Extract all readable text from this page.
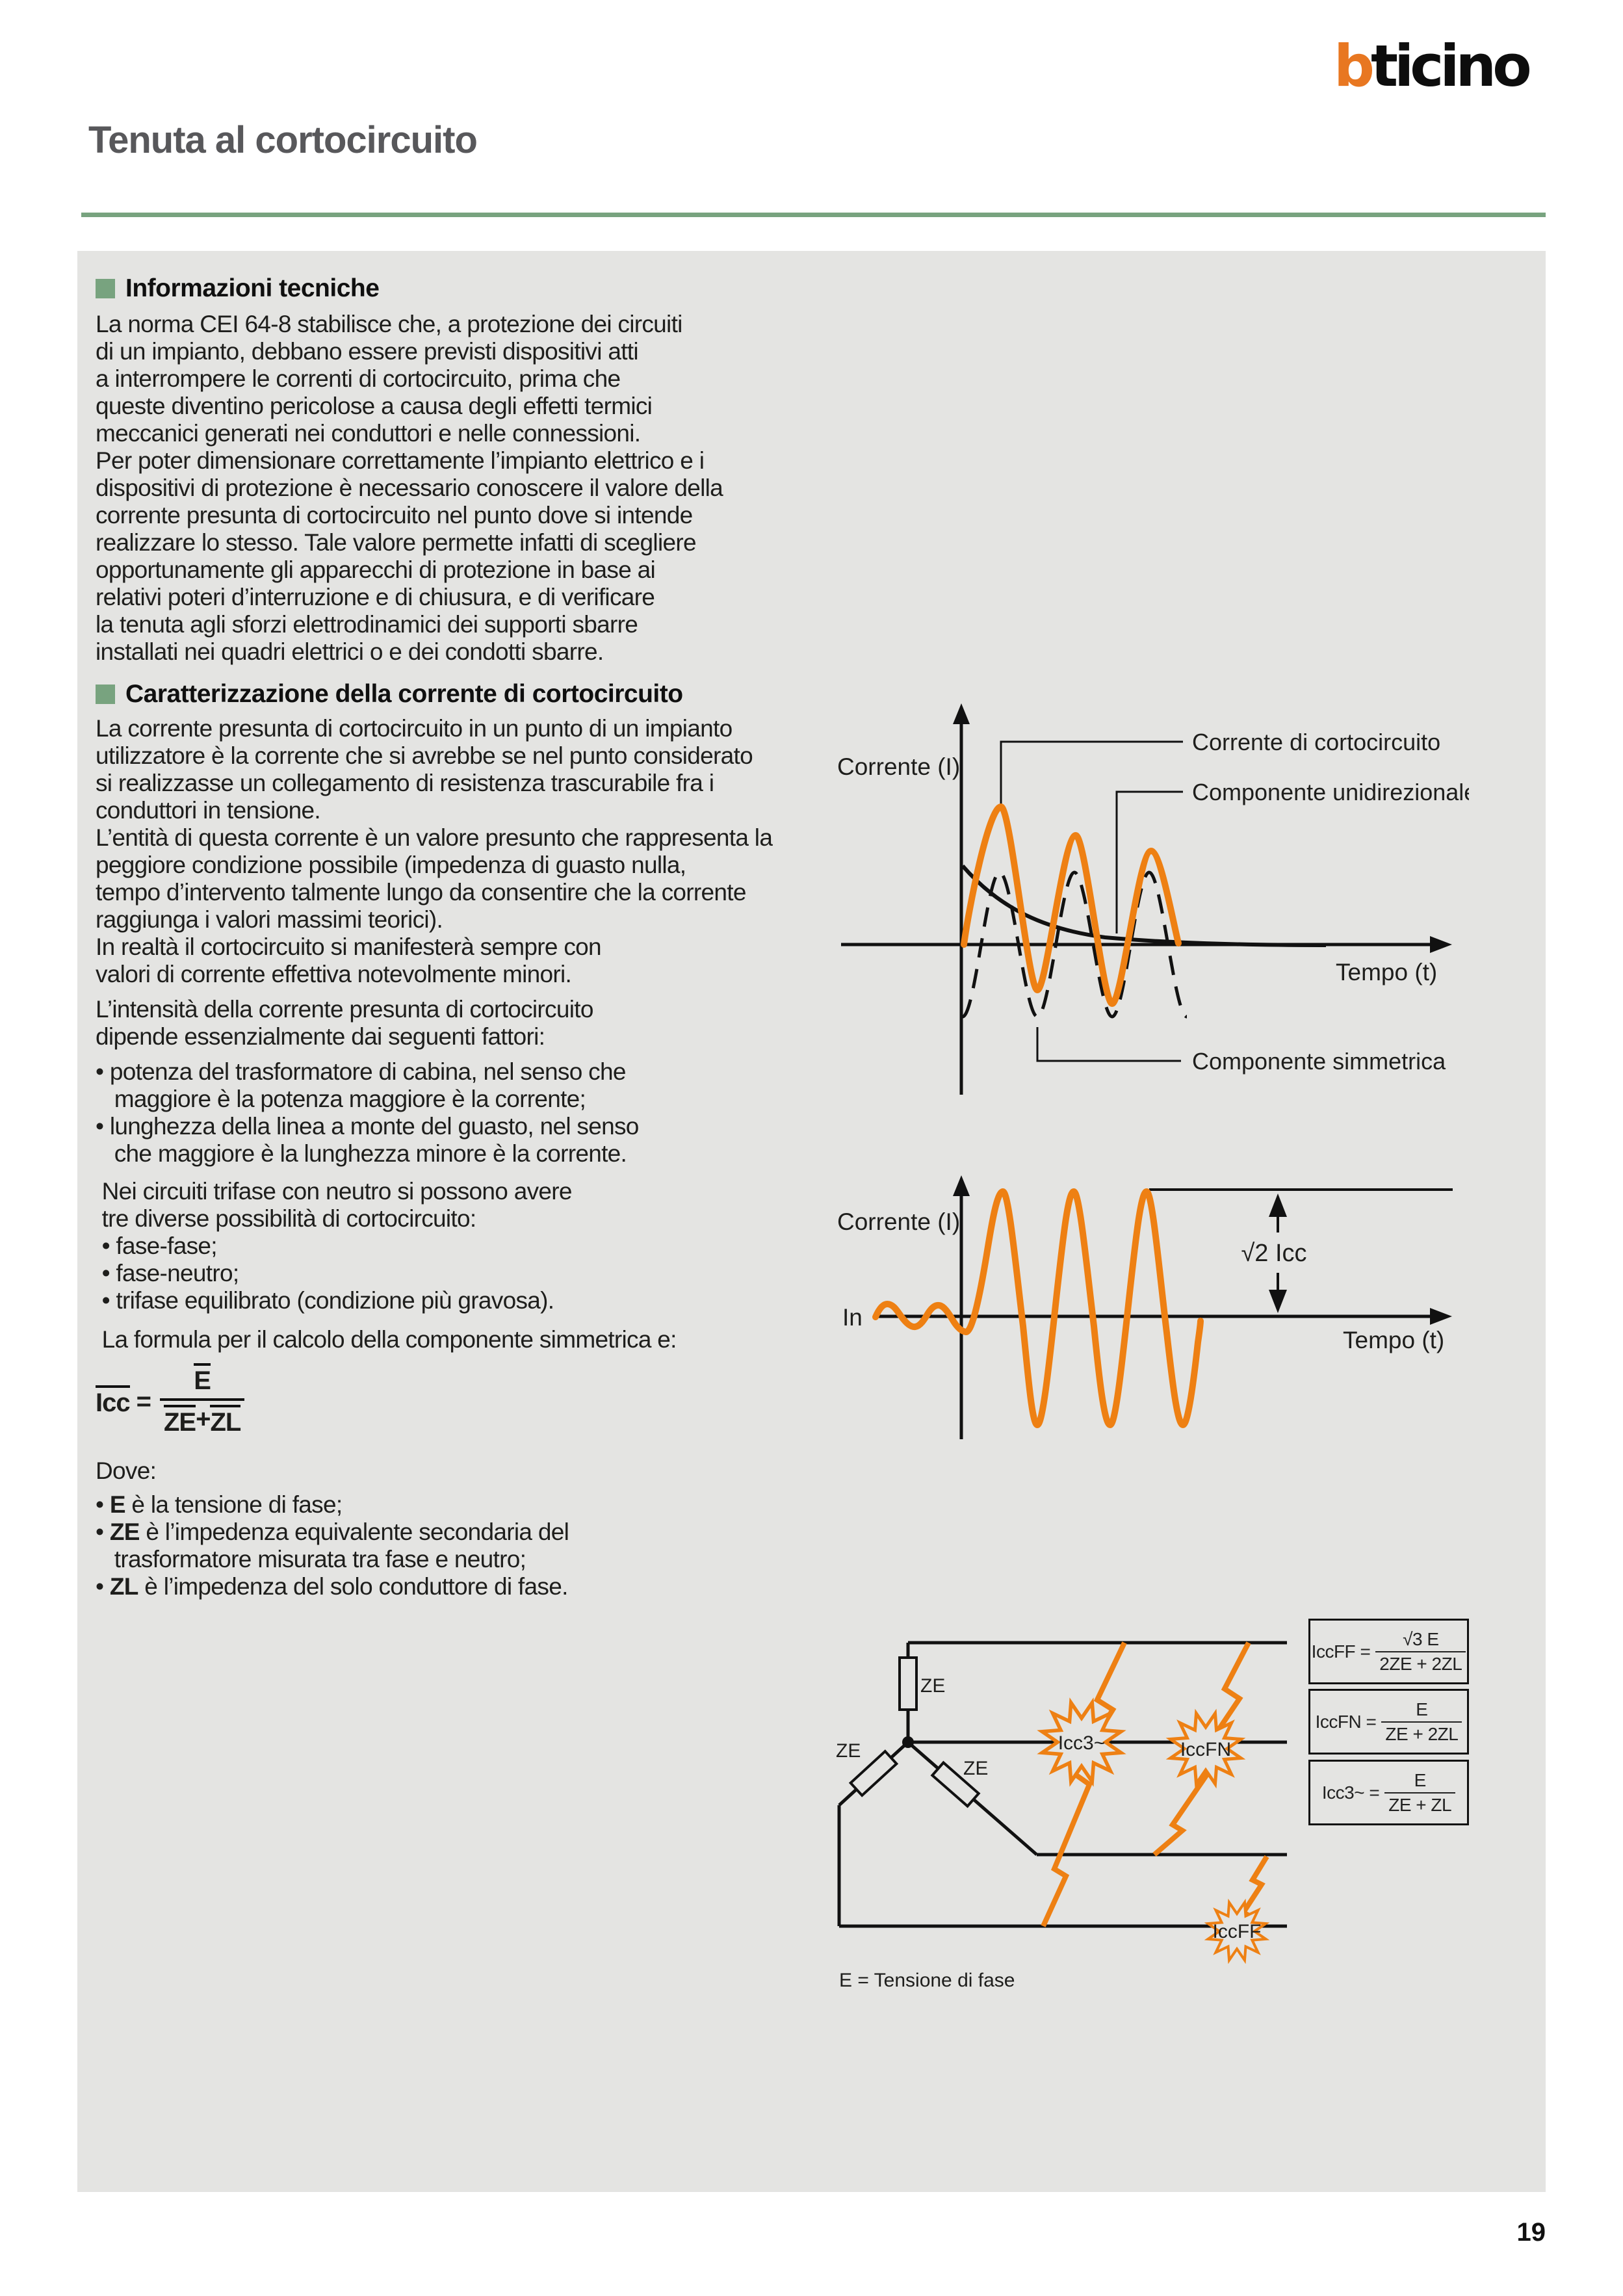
bticino
Tenuta al cortocircuito
Informazioni tecniche
La norma CEI 64-8 stabilisce che, a protezione dei circuiti
di un impianto, debbano essere previsti dispositivi atti
a interrompere le correnti di cortocircuito, prima che
queste diventino pericolose a causa degli effetti termici
meccanici generati nei conduttori e nelle connessioni.
Per poter dimensionare correttamente l’impianto elettrico e i
dispositivi di protezione è necessario conoscere il valore della
corrente presunta di cortocircuito nel punto dove si intende
realizzare lo stesso. Tale valore permette infatti di scegliere
opportunamente gli apparecchi di protezione in base ai
relativi poteri d’interruzione e di chiusura, e di verificare
la tenuta agli sforzi elettrodinamici dei supporti sbarre
installati nei quadri elettrici o e dei condotti sbarre.
Caratterizzazione della corrente di cortocircuito
La corrente presunta di cortocircuito in un punto di un impianto
utilizzatore è la corrente che si avrebbe se nel punto considerato
si realizzasse un collegamento di resistenza trascurabile fra i
conduttori in tensione.
L’entità di questa corrente è un valore presunto che rappresenta la
peggiore condizione possibile (impedenza di guasto nulla,
tempo d’intervento talmente lungo da consentire che la corrente
raggiunga i valori massimi teorici).
In realtà il cortocircuito si manifesterà sempre con
valori di corrente effettiva notevolmente minori.
L’intensità della corrente presunta di cortocircuito
dipende essenzialmente dai seguenti fattori:
• potenza del trasformatore di cabina, nel senso che
maggiore è la potenza maggiore è la corrente;
• lunghezza della linea a monte del guasto, nel senso
che maggiore è la lunghezza minore è la corrente.
Nei circuiti trifase con neutro si possono avere
tre diverse possibilità di cortocircuito:
• fase-fase;
• fase-neutro;
• trifase equilibrato (condizione più gravosa).
La formula per il calcolo della componente simmetrica e:
Icc = $\frac{E}{ZE + ZL}$
Dove:
• E è la tensione di fase;
• ZE è l’impedenza equivalente secondaria del
trasformatore misurata tra fase e neutro;
• ZL è l’impedenza del solo conduttore di fase.
Corrente (I)
Tempo (t)
Corrente di cortocircuito
Componente unidirezionale
Componente simmetrica
Corrente (I)
In
Tempo (t)
√2 Icc
ZE
ZE
ZE
Icc3~	IccFN
IccFF
E = Tensione di fase
IccFF = $\frac{√3 E}{2ZE + 2ZL}$
IccFN = $\frac{E}{ZE + 2ZL}$
Icc3~ = $\frac{E}{ZE + ZL}$
19
